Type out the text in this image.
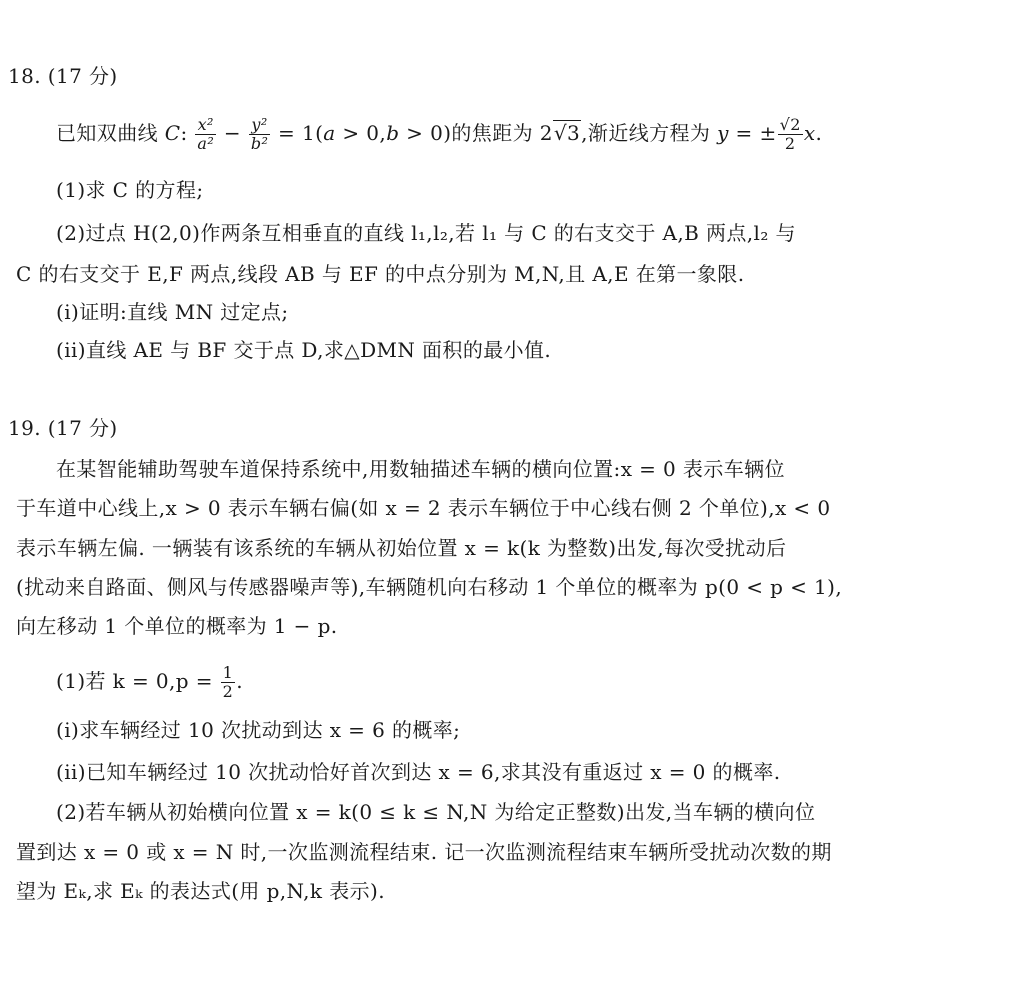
18. (17 分)
已知双曲线 C: $\frac{\text{x²}}{\text{a²}} - \frac{\text{y²}}{\text{b²}} = 1(a > 0,b > 0)$的焦距为 2√3,渐近线方程为 y = ± $\frac{√2}{2} x$.
(1)求 C 的方程;
(2)过点 H(2,0)作两条互相垂直的直线 l₁,l₂,若 l₁ 与 C 的右支交于 A,B 两点,l₂ 与
C 的右支交于 E,F 两点,线段 AB 与 EF 的中点分别为 M,N,且 A,E 在第一象限.
(i)证明:直线 MN 过定点;
(ii)直线 AE 与 BF 交于点 D,求△DMN 面积的最小值.
19. (17 分)
在某智能辅助驾驶车道保持系统中,用数轴描述车辆的横向位置:x = 0 表示车辆位
于车道中心线上,x > 0 表示车辆右偏(如 x = 2 表示车辆位于中心线右侧 2 个单位),x < 0
表示车辆左偏. 一辆装有该系统的车辆从初始位置 x = k(k 为整数)出发,每次受扰动后
(扰动来自路面、侧风与传感器噪声等),车辆随机向右移动 1 个单位的概率为 p(0 < p < 1),
向左移动 1 个单位的概率为 1 − p.
(1)若 $k = 0,p = \frac{1}{2}$ .
(i)求车辆经过 10 次扰动到达 x = 6 的概率;
(ii)已知车辆经过 10 次扰动恰好首次到达 x = 6,求其没有重返过 x = 0 的概率.
(2)若车辆从初始横向位置 x = k(0 ≤ k ≤ N,N 为给定正整数)出发,当车辆的横向位
置到达 x = 0 或 x = N 时,一次监测流程结束. 记一次监测流程结束车辆所受扰动次数的期
望为 Eₖ,求 Eₖ 的表达式(用 p,N,k 表示).
